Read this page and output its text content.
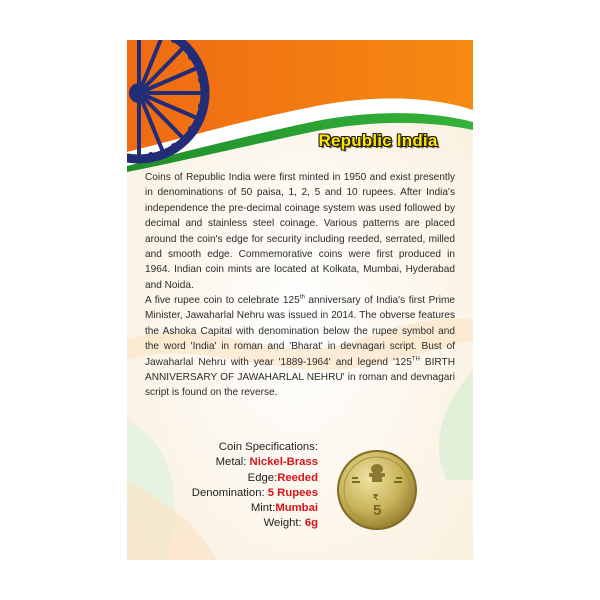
Republic India

Coins of Republic India were first minted in 1950 and exist presently in denominations of 50 paisa, 1, 2, 5 and 10 rupees. After India's independence the pre-decimal coinage system was used followed by decimal and stainless steel coinage. Various patterns are placed around the coin's edge for security including reeded, serrated, milled and smooth edge. Commemorative coins were first produced in 1964. Indian coin mints are located at Kolkata, Mumbai, Hyderabad and Noida.

A five rupee coin to celebrate 125th anniversary of India's first Prime Minister, Jawaharlal Nehru was issued in 2014. The obverse features the Ashoka Capital with denomination below the rupee symbol and the word 'India' in roman and 'Bharat' in devnagari script. Bust of Jawaharlal Nehru with year '1889-1964' and legend '125TH BIRTH ANNIVERSARY OF JAWAHARLAL NEHRU' in roman and devnagari script is found on the reverse.

Coin Specifications:
Metal: Nickel-Brass
Edge:Reeded
Denomination: 5 Rupees
Mint:Mumbai
Weight: 6g
₹
5
